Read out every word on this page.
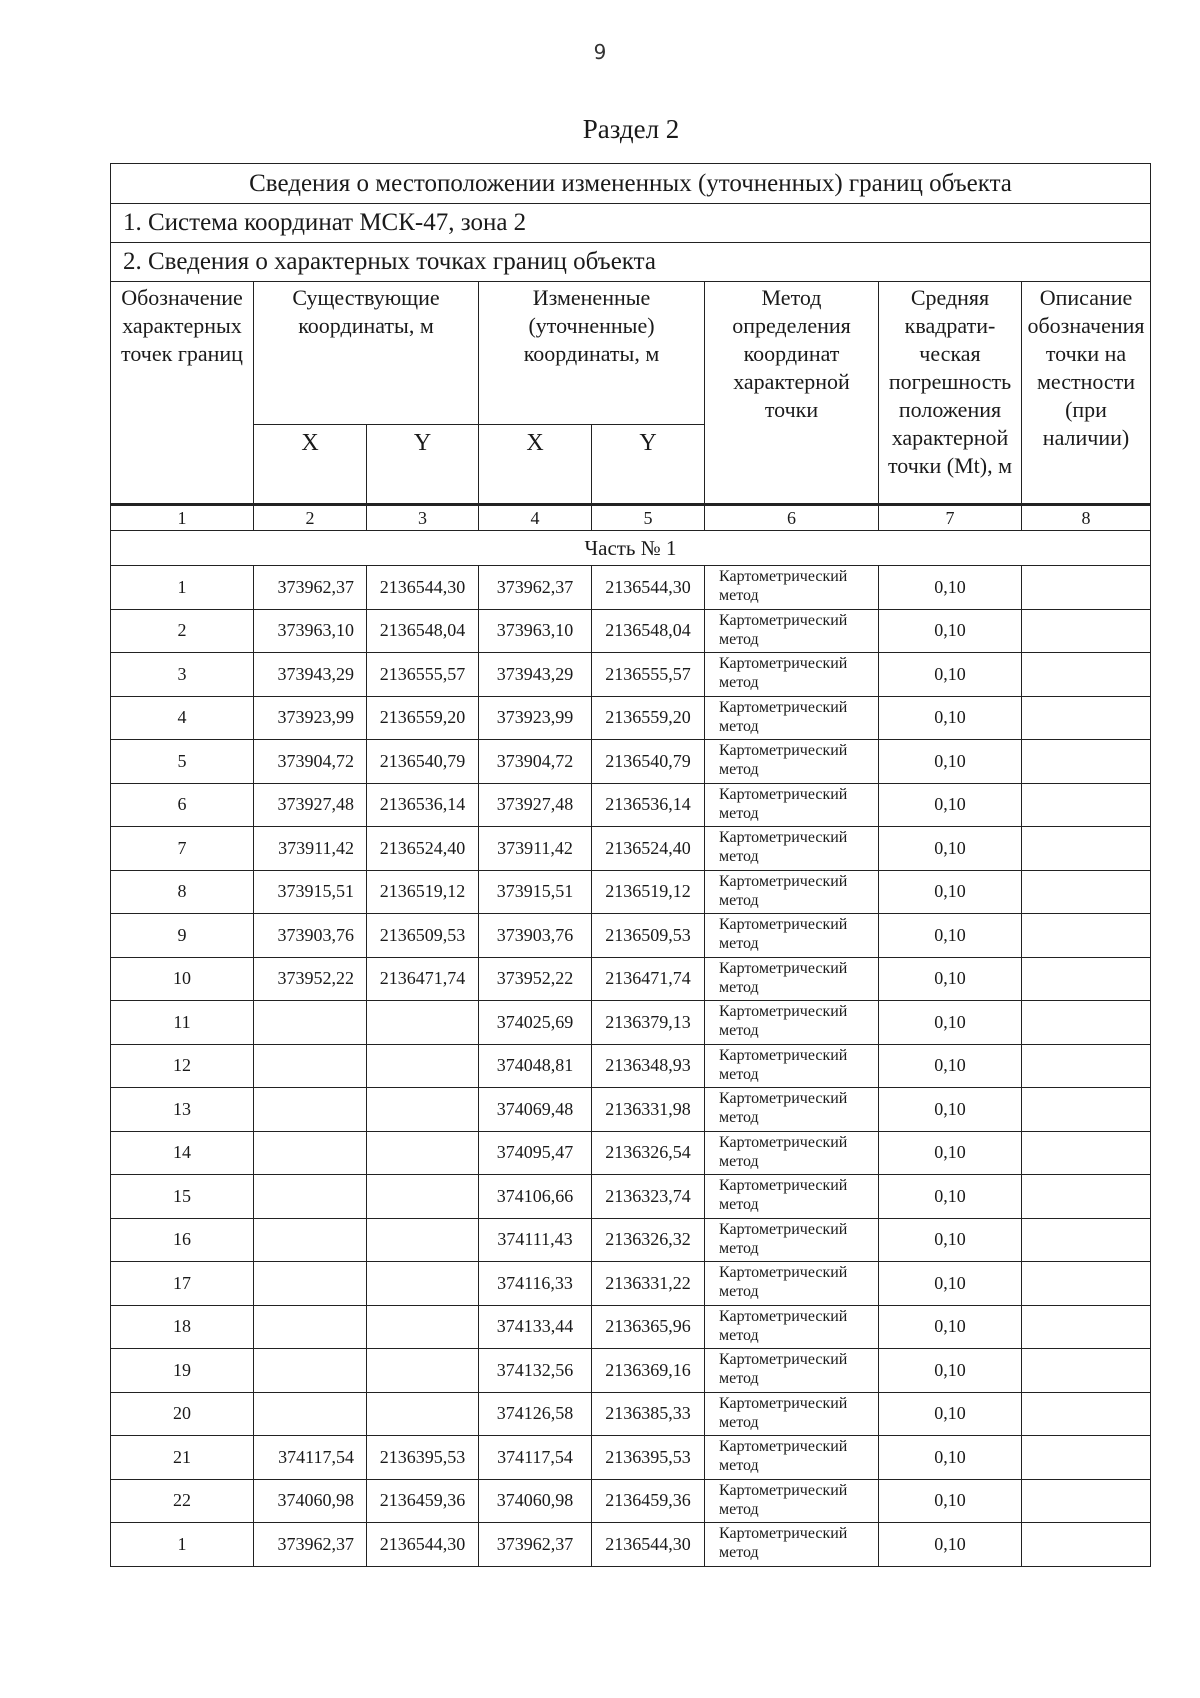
9
Раздел 2
Сведения о местоположении измененных (уточненных) границ объекта							
1. Система координат МСК-47, зона 2							
2. Сведения о характерных точках границ объекта							
Обозначение характерных точек границ	Существующие координаты, м		Измененные (уточненные) координаты, м		Метод определения координат характерной точки	Средняя квадрати-ческая погрешность положения характерной точки (Mt), м	Описание обозначения точки на местности (при наличии)
	X	Y	X	Y			
1	2	3	4	5	6	7	8
Часть № 1							
1	373962,37	2136544,30	373962,37	2136544,30	Картометрический метод	0,10	
2	373963,10	2136548,04	373963,10	2136548,04	Картометрический метод	0,10	
3	373943,29	2136555,57	373943,29	2136555,57	Картометрический метод	0,10	
4	373923,99	2136559,20	373923,99	2136559,20	Картометрический метод	0,10	
5	373904,72	2136540,79	373904,72	2136540,79	Картометрический метод	0,10	
6	373927,48	2136536,14	373927,48	2136536,14	Картометрический метод	0,10	
7	373911,42	2136524,40	373911,42	2136524,40	Картометрический метод	0,10	
8	373915,51	2136519,12	373915,51	2136519,12	Картометрический метод	0,10	
9	373903,76	2136509,53	373903,76	2136509,53	Картометрический метод	0,10	
10	373952,22	2136471,74	373952,22	2136471,74	Картометрический метод	0,10	
11			374025,69	2136379,13	Картометрический метод	0,10	
12			374048,81	2136348,93	Картометрический метод	0,10	
13			374069,48	2136331,98	Картометрический метод	0,10	
14			374095,47	2136326,54	Картометрический метод	0,10	
15			374106,66	2136323,74	Картометрический метод	0,10	
16			374111,43	2136326,32	Картометрический метод	0,10	
17			374116,33	2136331,22	Картометрический метод	0,10	
18			374133,44	2136365,96	Картометрический метод	0,10	
19			374132,56	2136369,16	Картометрический метод	0,10	
20			374126,58	2136385,33	Картометрический метод	0,10	
21	374117,54	2136395,53	374117,54	2136395,53	Картометрический метод	0,10	
22	374060,98	2136459,36	374060,98	2136459,36	Картометрический метод	0,10	
1	373962,37	2136544,30	373962,37	2136544,30	Картометрический метод	0,10	
